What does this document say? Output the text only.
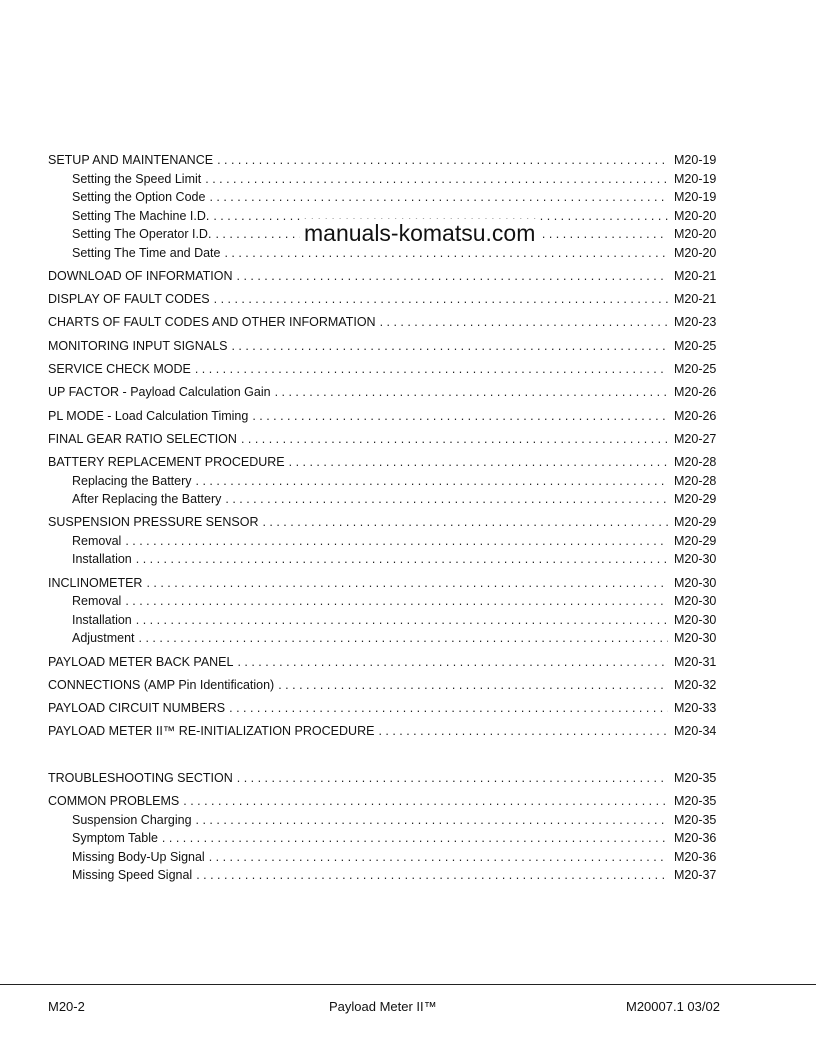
SETUP AND MAINTENANCE . . .	M20-19
Setting the Speed Limit . . .	M20-19
Setting the Option Code . . .	M20-19
Setting The Machine I.D. . . .	M20-20
Setting The Operator I.D. . . .	M20-20
Setting The Time and Date . . .	M20-20
DOWNLOAD OF INFORMATION . . .	M20-21
DISPLAY OF FAULT CODES . . .	M20-21
CHARTS OF FAULT CODES AND OTHER INFORMATION . . .	M20-23
MONITORING INPUT SIGNALS . . .	M20-25
SERVICE CHECK MODE . . .	M20-25
UP FACTOR - Payload Calculation Gain . . .	M20-26
PL MODE - Load Calculation Timing . . .	M20-26
FINAL GEAR RATIO SELECTION . . .	M20-27
BATTERY REPLACEMENT PROCEDURE . . .	M20-28
Replacing the Battery . . .	M20-28
After Replacing the Battery . . .	M20-29
SUSPENSION PRESSURE SENSOR . . .	M20-29
Removal . . .	M20-29
Installation . . .	M20-30
INCLINOMETER . . .	M20-30
Removal . . .	M20-30
Installation . . .	M20-30
Adjustment . . .	M20-30
PAYLOAD METER BACK PANEL . . .	M20-31
CONNECTIONS (AMP Pin Identification) . . .	M20-32
PAYLOAD CIRCUIT NUMBERS . . .	M20-33
PAYLOAD METER II™ RE-INITIALIZATION PROCEDURE . . .	M20-34
TROUBLESHOOTING SECTION . . .	M20-35
COMMON PROBLEMS . . .	M20-35
Suspension Charging . . .	M20-35
Symptom Table . . .	M20-36
Missing Body-Up Signal . . .	M20-36
Missing Speed Signal . . .	M20-37
manuals-komatsu.com
M20-2	Payload Meter II™	M20007.1 03/02
